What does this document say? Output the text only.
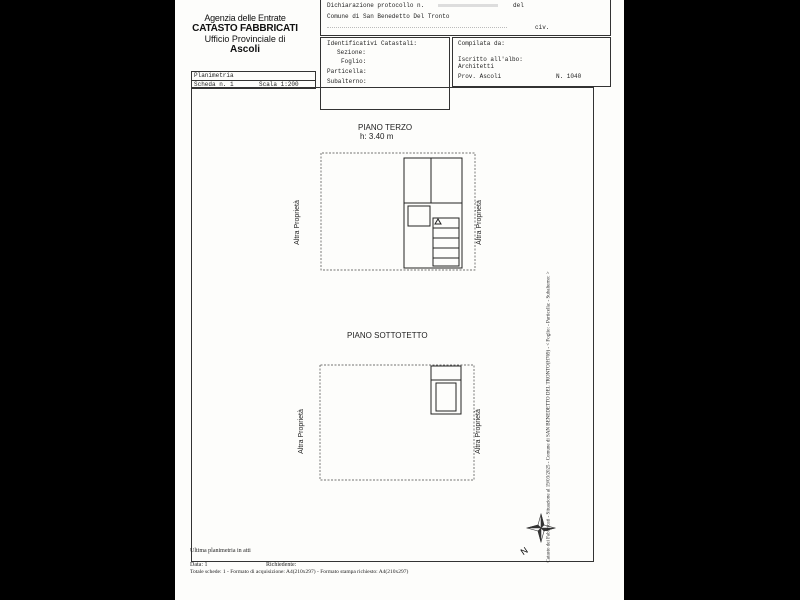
Agenzia delle Entrate
CATASTO FABBRICATI
Ufficio Provinciale di
Ascoli
Dichiarazione protocollo n.	del
Comune di San Benedetto Del Tronto
civ.
Identificativi Catastali:
Sezione:
Foglio:
Particella:
Subalterno:
Compilata da:
Iscritto all'albo:
Architetti
Prov. Ascoli	N. 1040
Planimetria
Scheda n. 1	Scala 1:200
PIANO TERZO
h: 3.40 m
PIANO SOTTOTETTO
Altra Proprietà	Altra Proprietà
Altra Proprietà	Altra Proprietà
N
Ultima planimetria in atti
Data: 1	Richiedente:
Totale schede: 1 - Formato di acquisizione: A4(210x297) - Formato stampa richiesto: A4(210x297)
Catasto dei Fabbricati - Situazione al 19/03/2025 - Comune di SAN BENEDETTO DEL TRONTO(H769) - < Foglio: - Particella: - Subalterno: >
